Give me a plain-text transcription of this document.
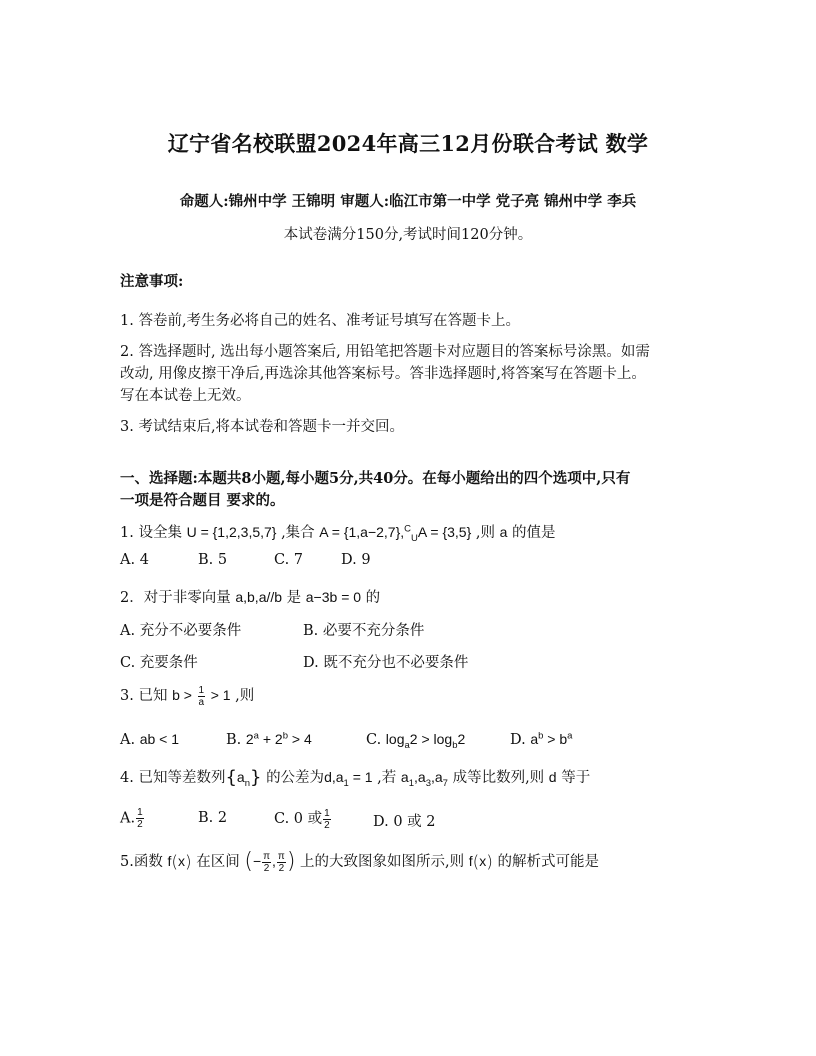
辽宁省名校联盟2024年高三12月份联合考试 数学
命题人:锦州中学 王锦明 审题人:临江市第一中学 党子亮 锦州中学 李兵
本试卷满分150分,考试时间120分钟。
注意事项:
1. 答卷前,考生务必将自己的姓名、准考证号填写在答题卡上。
2. 答选择题时, 选出每小题答案后, 用铅笔把答题卡对应题目的答案标号涂黑。如需
改动, 用像皮擦干净后,再选涂其他答案标号。答非选择题时,将答案写在答题卡上。
写在本试卷上无效。
3. 考试结束后,将本试卷和答题卡一并交回。
一、选择题:本题共8小题,每小题5分,共40分。在每小题给出的四个选项中,只有
一项是符合题目 要求的。
1. 设全集 U = {1,2,3,5,7} ,集合 A = {1,a−2,7},$^C_U$A = {3,5} ,则 a 的值是
A. 4	B. 5	C. 7	D. 9
2．对于非零向量 a,b,a//b 是 a−3b = 0 的
A. 充分不必要条件	B. 必要不充分条件
C. 充要条件	D. 既不充分也不必要条件
3. 已知 $b > \frac{1}{a} > 1$ ,则
A. ab < 1	B. $2^a + 2^b > 4$	C. $\log_a2 > \log_b2$	D. $a^b > b^a$
4. 已知等差数列$\{a_n\}$ 的公差为$d,a_1 = 1$ ,若 $a_1,a_3,a_7$ 成等比数列,则 d 等于
A. $\frac{1}{2}$	B. 2	C. 0 或 $\frac{1}{2}$	D. 0 或 2
5.函数 f(x) 在区间 (− $\frac{\pi}{2}$ , $\frac{\pi}{2}$ ) 上的大致图象如图所示,则 f(x) 的解析式可能是
